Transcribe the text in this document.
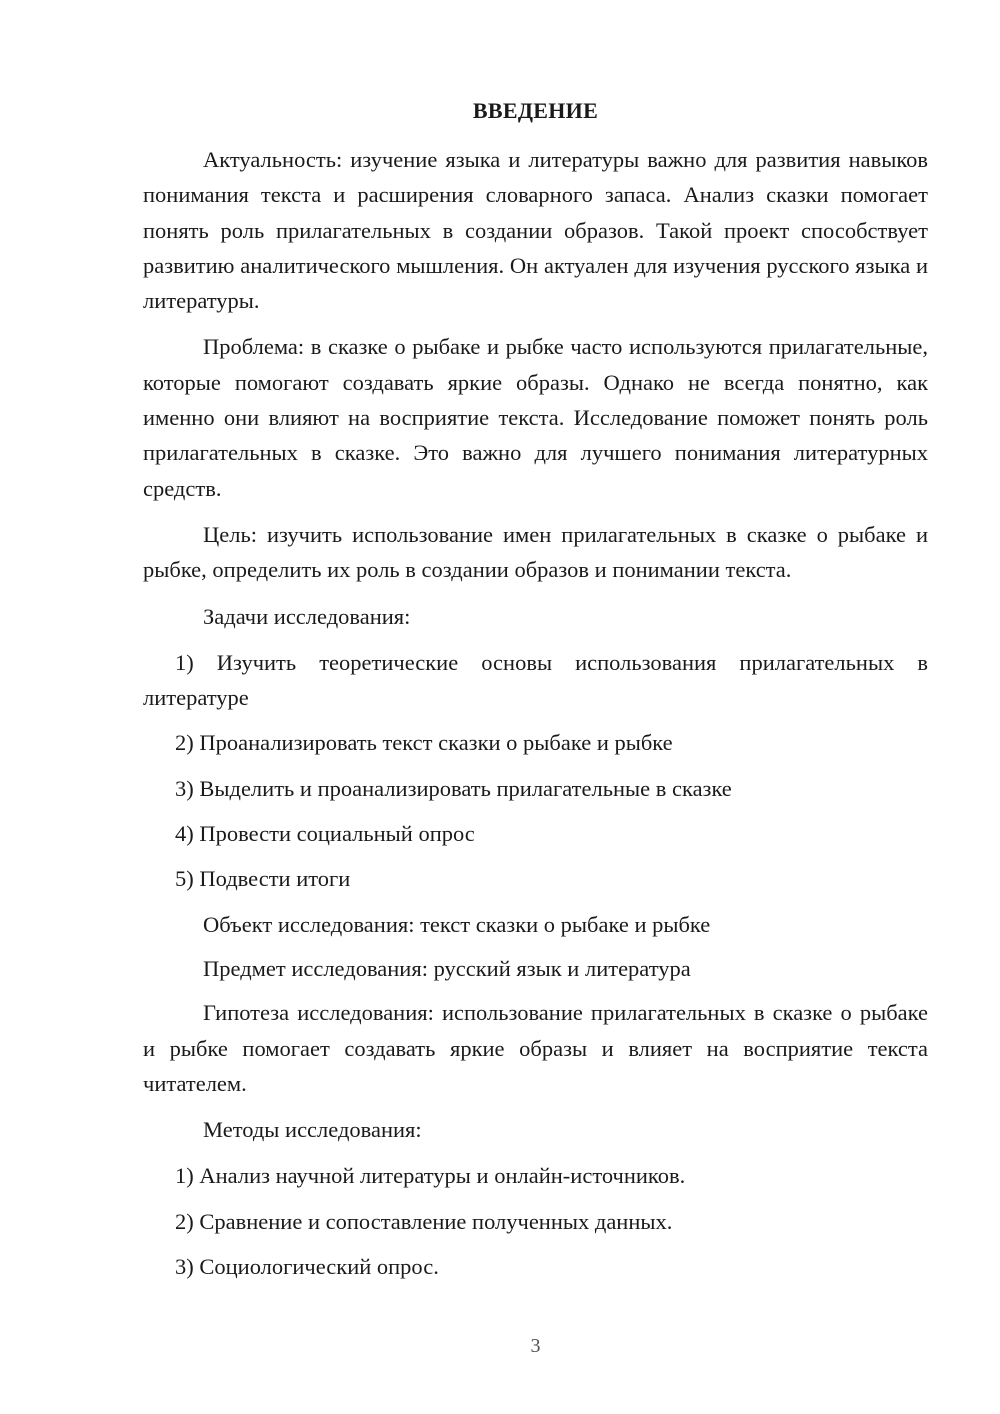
ВВЕДЕНИЕ

Актуальность: изучение языка и литературы важно для развития навыков понимания текста и расширения словарного запаса. Анализ сказки помогает понять роль прилагательных в создании образов. Такой проект способствует развитию аналитического мышления. Он актуален для изучения русского языка и литературы.

Проблема: в сказке о рыбаке и рыбке часто используются прилагательные, которые помогают создавать яркие образы. Однако не всегда понятно, как именно они влияют на восприятие текста. Исследование поможет понять роль прилагательных в сказке. Это важно для лучшего понимания литературных средств.

Цель: изучить использование имен прилагательных в сказке о рыбаке и рыбке, определить их роль в создании образов и понимании текста.

Задачи исследования:

1) Изучить теоретические основы использования прилагательных в литературе

2) Проанализировать текст сказки о рыбаке и рыбке

3) Выделить и проанализировать прилагательные в сказке

4) Провести социальный опрос

5) Подвести итоги

Объект исследования: текст сказки о рыбаке и рыбке

Предмет исследования: русский язык и литература

Гипотеза исследования: использование прилагательных в сказке о рыбаке и рыбке помогает создавать яркие образы и влияет на восприятие текста читателем.

Методы исследования:

1) Анализ научной литературы и онлайн-источников.

2) Сравнение и сопоставление полученных данных.

3) Социологический опрос.

3
